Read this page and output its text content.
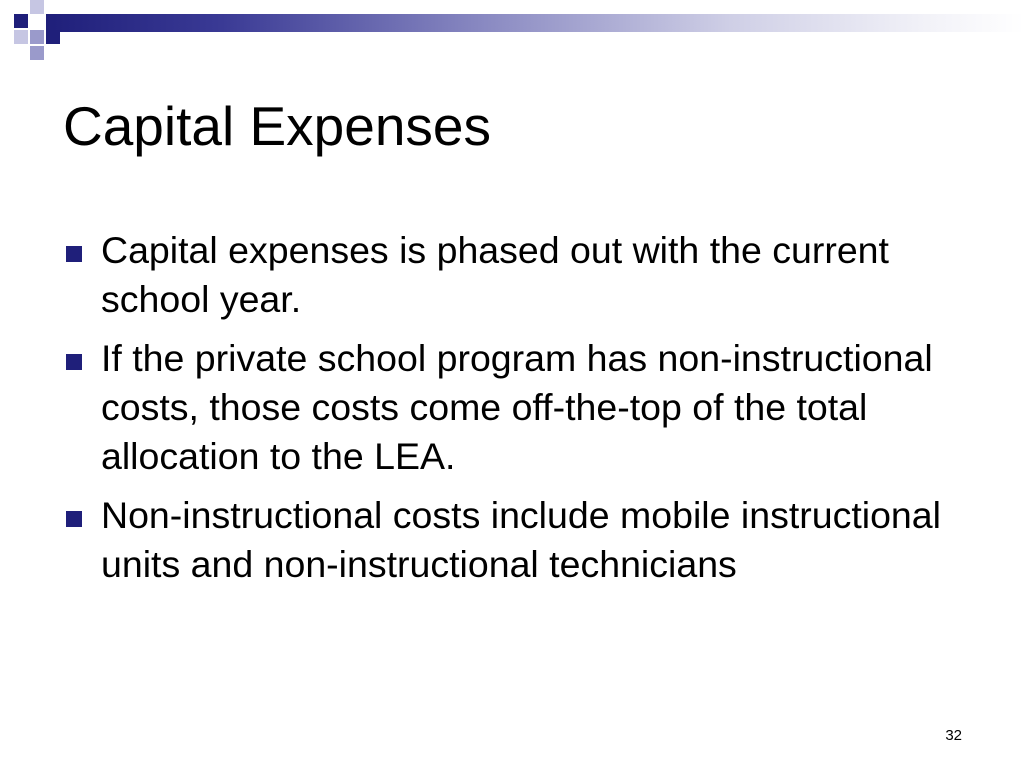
Capital Expenses
Capital expenses is phased out with the current school year.
If the private school program has non-instructional costs, those costs come off-the-top of the total allocation to the LEA.
Non-instructional costs include mobile instructional units and non-instructional technicians
32
